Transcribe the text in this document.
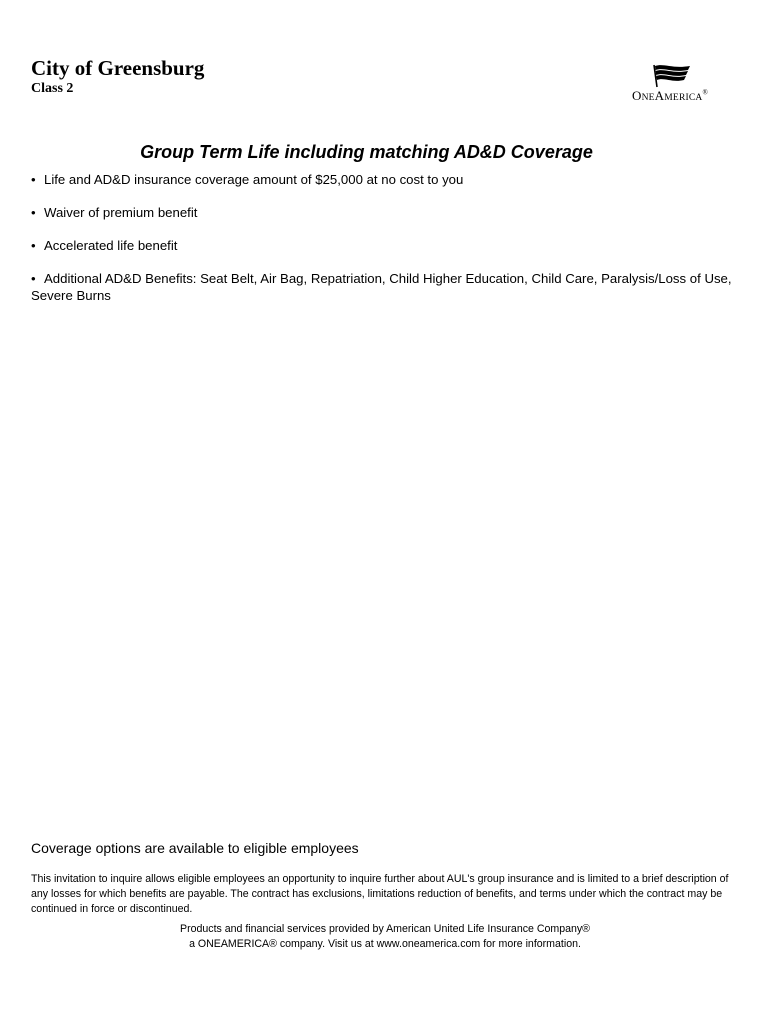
City of Greensburg
Class 2	ONEAMERICA®
Group Term Life including matching AD&D Coverage
• Life and AD&D insurance coverage amount of $25,000 at no cost to you
• Waiver of premium benefit
• Accelerated life benefit
• Additional AD&D Benefits: Seat Belt, Air Bag, Repatriation, Child Higher Education, Child Care, Paralysis/Loss of Use, Severe Burns
Coverage options are available to eligible employees
This invitation to inquire allows eligible employees an opportunity to inquire further about AUL's group insurance and is limited to a brief description of any losses for which benefits are payable. The contract has exclusions, limitations reduction of benefits, and terms under which the contract may be continued in force or discontinued.
Products and financial services provided by American United Life Insurance Company®
a ONEAMERICA® company. Visit us at www.oneamerica.com for more information.
